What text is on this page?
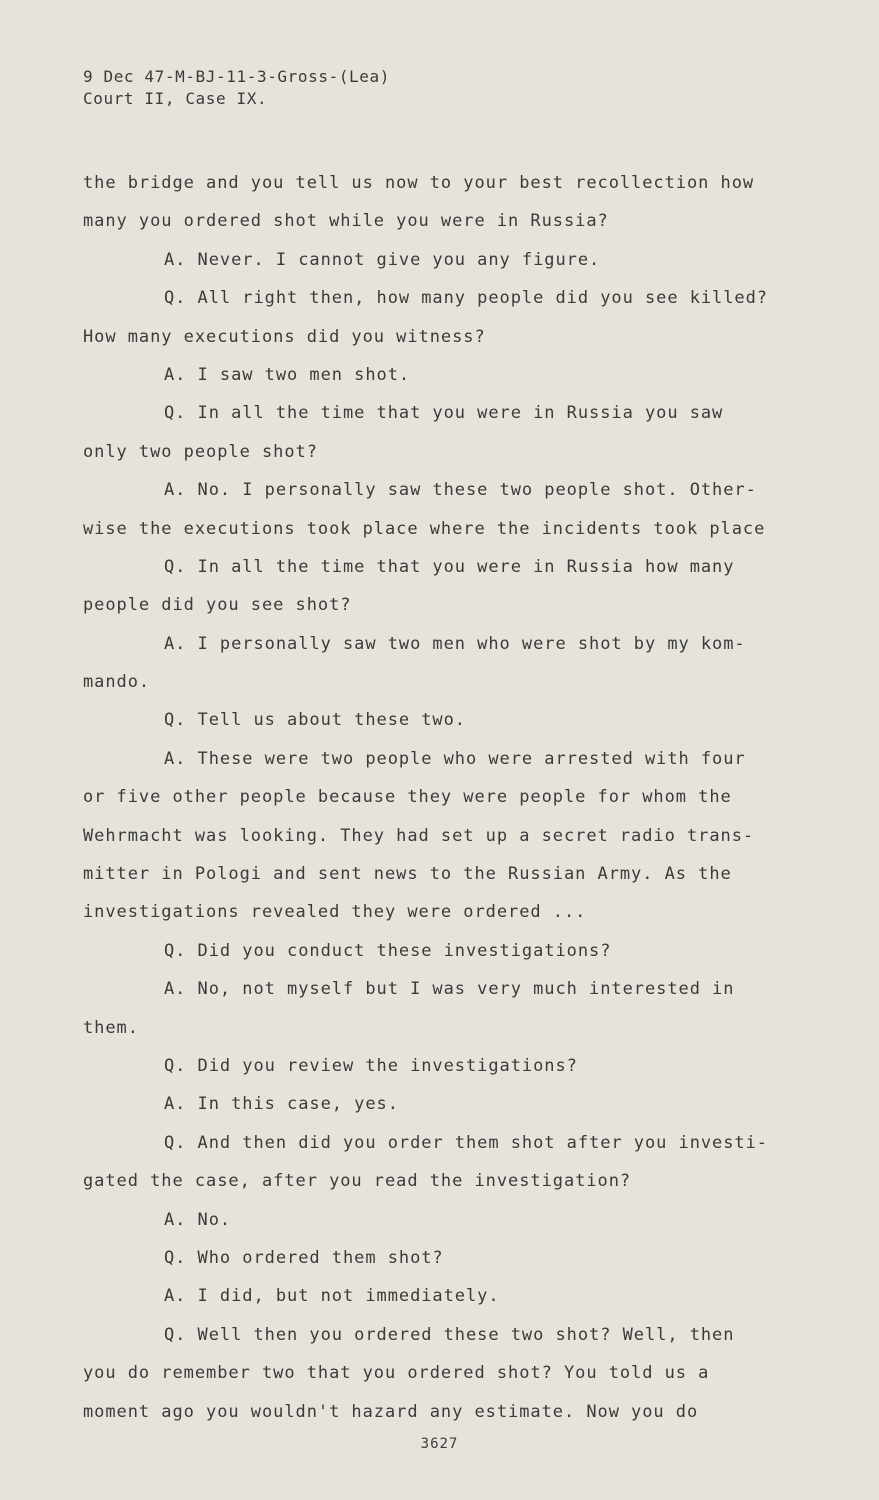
9 Dec 47-M-BJ-11-3-Gross-(Lea)
Court II, Case IX.
the bridge and you tell us now to your best recollection how
many you ordered shot while you were in Russia?
A. Never. I cannot give you any figure.
Q. All right then, how many people did you see killed?
How many executions did you witness?
A. I saw two men shot.
Q. In all the time that you were in Russia you saw
only two people shot?
A. No. I personally saw these two people shot. Other-
wise the executions took place where the incidents took place
Q. In all the time that you were in Russia how many
people did you see shot?
A. I personally saw two men who were shot by my kom-
mando.
Q. Tell us about these two.
A. These were two people who were arrested with four
or five other people because they were people for whom the
Wehrmacht was looking. They had set up a secret radio trans-
mitter in Pologi and sent news to the Russian Army. As the
investigations revealed they were ordered ...
Q. Did you conduct these investigations?
A. No, not myself but I was very much interested in
them.
Q. Did you review the investigations?
A. In this case, yes.
Q. And then did you order them shot after you investi-
gated the case, after you read the investigation?
A. No.
Q. Who ordered them shot?
A. I did, but not immediately.
Q. Well then you ordered these two shot? Well, then
you do remember two that you ordered shot? You told us a
moment ago you wouldn't hazard any estimate. Now you do
3627
